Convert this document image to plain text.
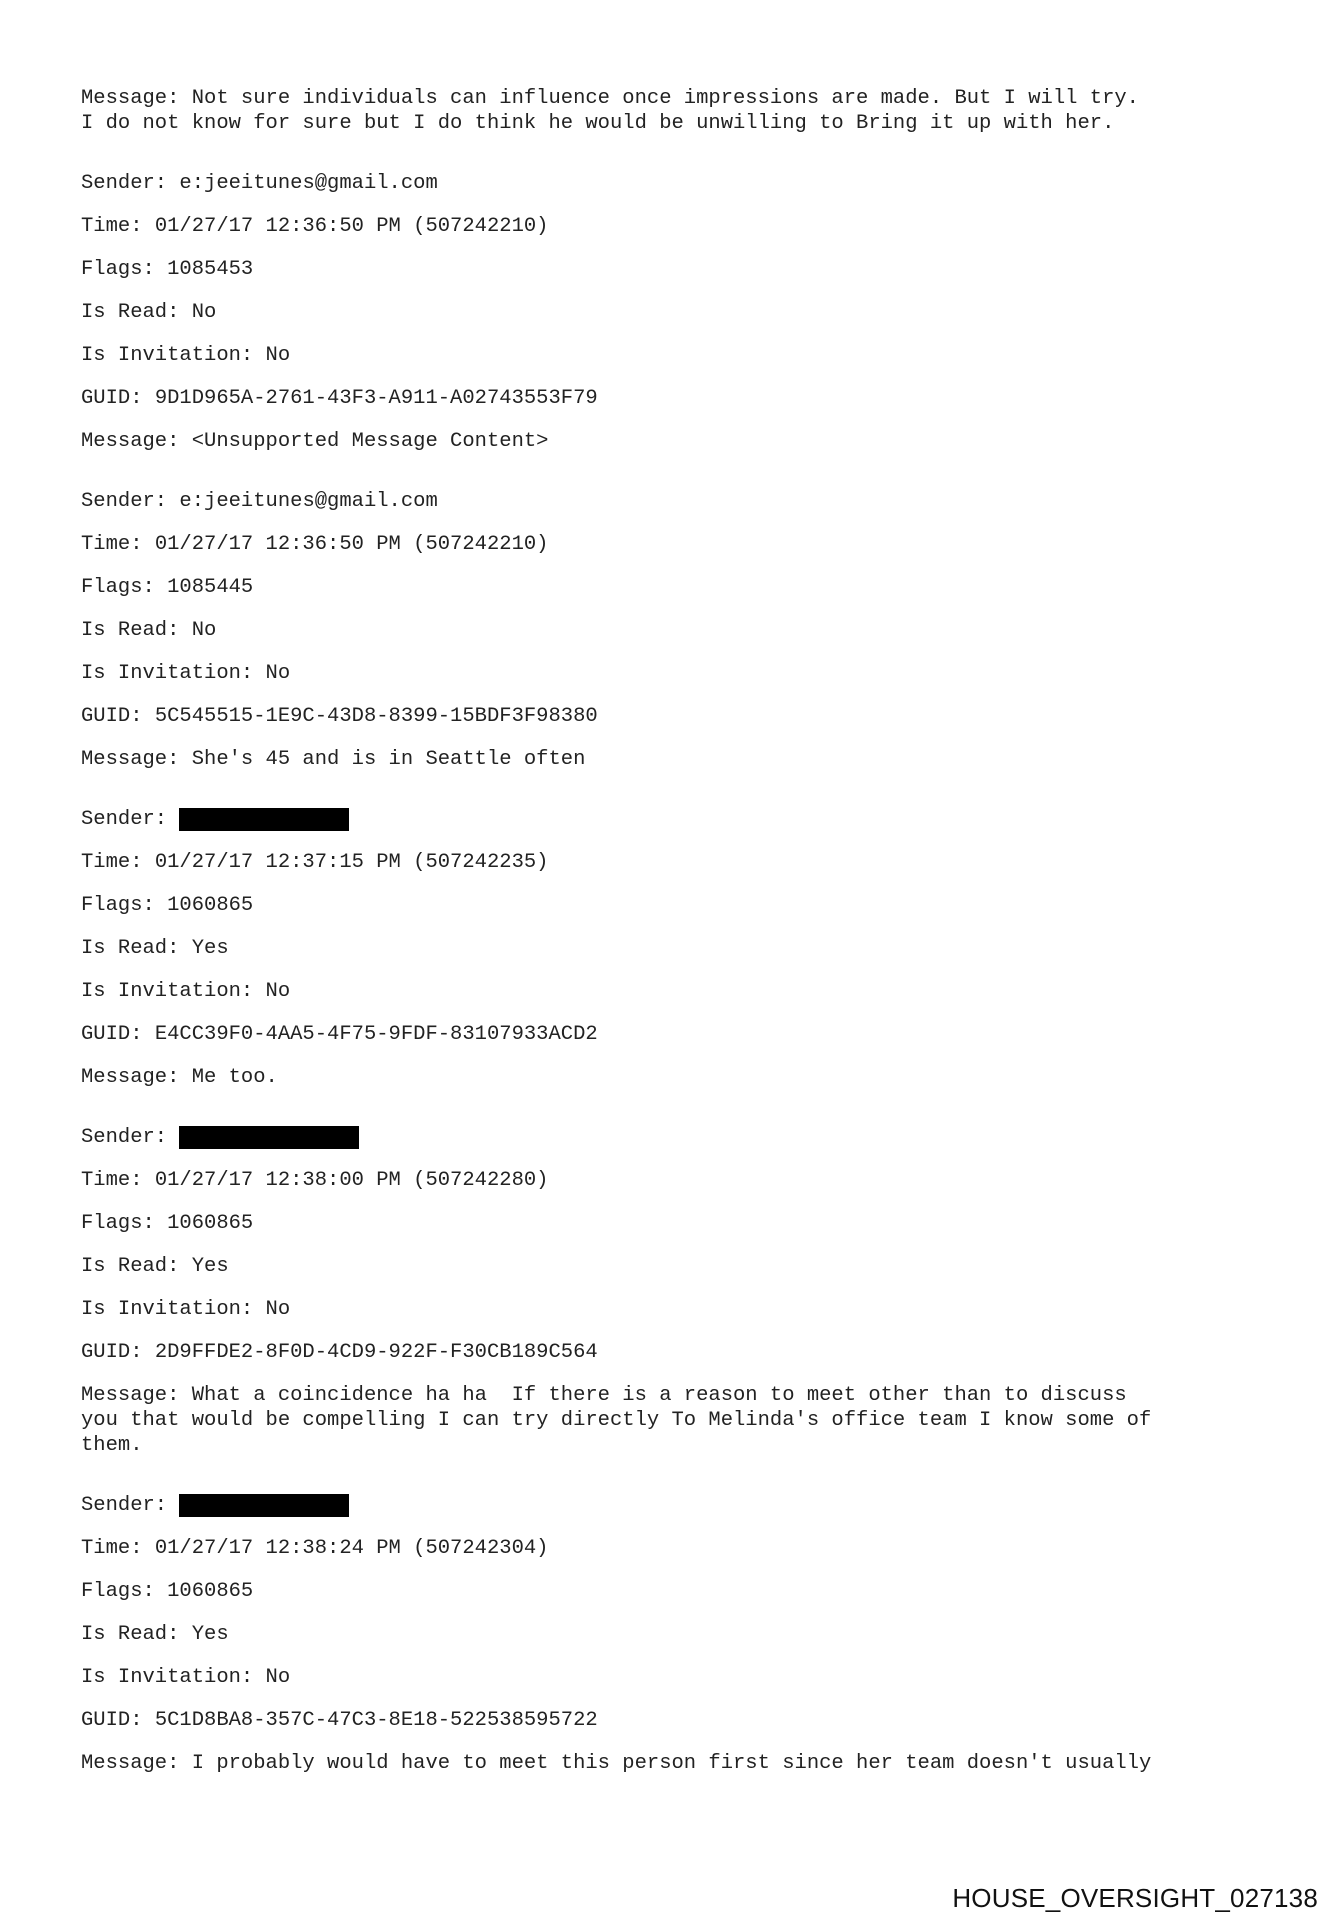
Message: Not sure individuals can influence once impressions are made. But I will try.
I do not know for sure but I do think he would be unwilling to Bring it up with her.

Sender: e:jeeitunes@gmail.com
Time: 01/27/17 12:36:50 PM (507242210)
Flags: 1085453
Is Read: No
Is Invitation: No
GUID: 9D1D965A-2761-43F3-A911-A02743553F79
Message: <Unsupported Message Content>
Sender: e:jeeitunes@gmail.com
Time: 01/27/17 12:36:50 PM (507242210)
Flags: 1085445
Is Read: No
Is Invitation: No
GUID: 5C545515-1E9C-43D8-8399-15BDF3F98380
Message: She's 45 and is in Seattle often
Sender:
Time: 01/27/17 12:37:15 PM (507242235)
Flags: 1060865
Is Read: Yes
Is Invitation: No
GUID: E4CC39F0-4AA5-4F75-9FDF-83107933ACD2
Message: Me too.
Sender:
Time: 01/27/17 12:38:00 PM (507242280)
Flags: 1060865
Is Read: Yes
Is Invitation: No
GUID: 2D9FFDE2-8F0D-4CD9-922F-F30CB189C564
Message: What a coincidence ha ha  If there is a reason to meet other than to discuss
you that would be compelling I can try directly To Melinda's office team I know some of
them.
Sender:
Time: 01/27/17 12:38:24 PM (507242304)
Flags: 1060865
Is Read: Yes
Is Invitation: No
GUID: 5C1D8BA8-357C-47C3-8E18-522538595722
Message: I probably would have to meet this person first since her team doesn't usually
HOUSE_OVERSIGHT_027138
